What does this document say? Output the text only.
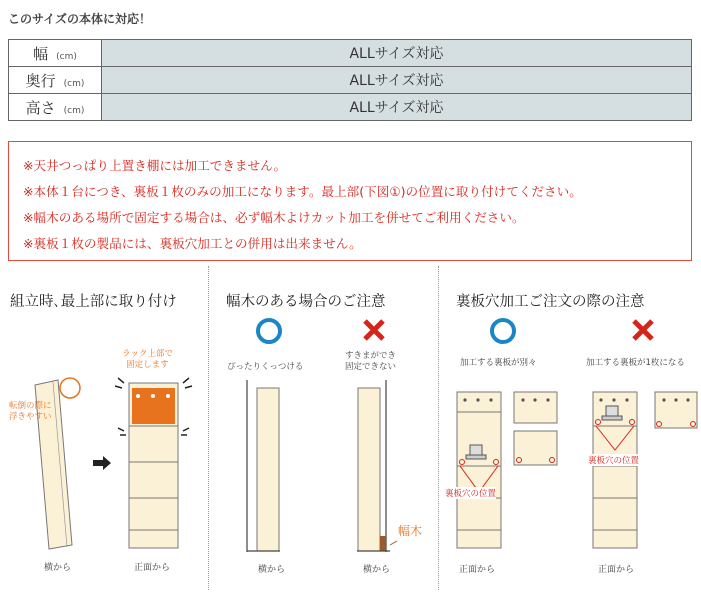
このサイズの本体に対応！
幅 (cm)	ALLサイズ対応
奥行 (cm)	ALLサイズ対応
高さ (cm)	ALLサイズ対応
※天井つっぱり上置き棚には加工できません。
※本体１台につき、裏板１枚のみの加工になります。最上部(下図①)の位置に取り付けてください。
※幅木のある場所で固定する場合は、必ず幅木よけカット加工を併せてご利用ください。
※裏板１枚の製品には、裏板穴加工との併用は出来ません。
組立時､最上部に取り付け	幅木のある場合のご注意	裏板穴加工ご注文の際の注意
転倒の際に
浮きやすい
ラック上部で
固定します
横から	正面から
ぴったりくっつける
すきまができ
固定できない
幅木
横から	横から
加工する裏板が別々	加工する裏板が1枚になる
裏板穴の位置
裏板穴の位置
正面から	正面から
